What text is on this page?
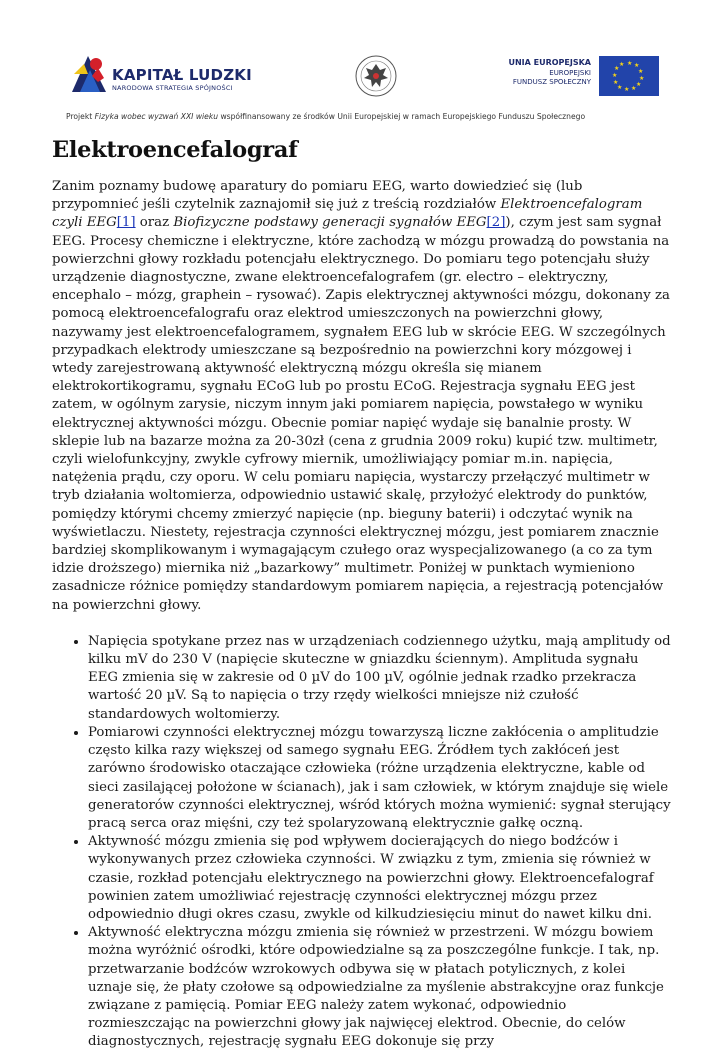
KAPITAŁ LUDZKI
NARODOWA STRATEGIA SPÓJNOŚCI
UNIA EUROPEJSKA
EUROPEJSKI
FUNDUSZ SPOŁECZNY
★ ★
★
★
★
★
★
★
★
★
★
★
Projekt Fizyka wobec wyzwań XXI wieku współfinansowany ze środków Unii Europejskiej w ramach Europejskiego Funduszu Społecznego
Elektroencefalograf

Zanim poznamy budowę aparatury do pomiaru EEG, warto dowiedzieć się (lub przypomnieć jeśli czytelnik zaznajomił się już z treścią rozdziałów Elektroencefalogram czyli EEG[1] oraz Biofizyczne podstawy generacji sygnałów EEG[2]), czym jest sam sygnał EEG. Procesy chemiczne i elektryczne, które zachodzą w mózgu prowadzą do powstania na powierzchni głowy rozkładu potencjału elektrycznego. Do pomiaru tego potencjału służy urządzenie diagnostyczne, zwane elektroencefalografem (gr. electro – elektryczny, encephalo – mózg, graphein – rysować). Zapis elektrycznej aktywności mózgu, dokonany za pomocą elektroencefalografu oraz elektrod umieszczonych na powierzchni głowy, nazywamy jest elektroencefalogramem, sygnałem EEG lub w skrócie EEG. W szczególnych przypadkach elektrody umieszczane są bezpośrednio na powierzchni kory mózgowej i wtedy zarejestrowaną aktywność elektryczną mózgu określa się mianem elektrokortikogramu, sygnału ECoG lub po prostu ECoG. Rejestracja sygnału EEG jest zatem, w ogólnym zarysie, niczym innym jaki pomiarem napięcia, powstałego w wyniku elektrycznej aktywności mózgu. Obecnie pomiar napięć wydaje się banalnie prosty. W sklepie lub na bazarze można za 20-30zł (cena z grudnia 2009 roku) kupić tzw. multimetr, czyli wielofunkcyjny, zwykle cyfrowy miernik, umożliwiający pomiar m.in. napięcia, natężenia prądu, czy oporu. W celu pomiaru napięcia, wystarczy przełączyć multimetr w tryb działania woltomierza, odpowiednio ustawić skalę, przyłożyć elektrody do punktów, pomiędzy którymi chcemy zmierzyć napięcie (np. bieguny baterii) i odczytać wynik na wyświetlaczu. Niestety, rejestracja czynności elektrycznej mózgu, jest pomiarem znacznie bardziej skomplikowanym i wymagającym czułego oraz wyspecjalizowanego (a co za tym idzie droższego) miernika niż „bazarkowy” multimetr. Poniżej w punktach wymieniono zasadnicze różnice pomiędzy standardowym pomiarem napięcia, a rejestracją potencjałów na powierzchni głowy.

• Napięcia spotykane przez nas w urządzeniach codziennego użytku, mają amplitudy od kilku mV do 230 V (napięcie skuteczne w gniazdku ściennym). Amplituda sygnału EEG zmienia się w zakresie od 0 µV do 100 µV, ogólnie jednak rzadko przekracza wartość 20 µV. Są to napięcia o trzy rzędy wielkości mniejsze niż czułość standardowych woltomierzy.
• Pomiarowi czynności elektrycznej mózgu towarzyszą liczne zakłócenia o amplitudzie często kilka razy większej od samego sygnału EEG. Źródłem tych zakłóceń jest zarówno środowisko otaczające człowieka (różne urządzenia elektryczne, kable od sieci zasilającej położone w ścianach), jak i sam człowiek, w którym znajduje się wiele generatorów czynności elektrycznej, wśród których można wymienić: sygnał sterujący pracą serca oraz mięśni, czy też spolaryzowaną elektrycznie gałkę oczną.
• Aktywność mózgu zmienia się pod wpływem docierających do niego bodźców i wykonywanych przez człowieka czynności. W związku z tym, zmienia się również w czasie, rozkład potencjału elektrycznego na powierzchni głowy. Elektroencefalograf powinien zatem umożliwiać rejestrację czynności elektrycznej mózgu przez odpowiednio długi okres czasu, zwykle od kilkudziesięciu minut do nawet kilku dni.
• Aktywność elektryczna mózgu zmienia się również w przestrzeni. W mózgu bowiem można wyróżnić ośrodki, które odpowiedzialne są za poszczególne funkcje. I tak, np. przetwarzanie bodźców wzrokowych odbywa się w płatach potylicznych, z kolei uznaje się, że płaty czołowe są odpowiedzialne za myślenie abstrakcyjne oraz funkcje związane z pamięcią. Pomiar EEG należy zatem wykonać, odpowiednio rozmieszczając na powierzchni głowy jak najwięcej elektrod. Obecnie, do celów diagnostycznych, rejestrację sygnału EEG dokonuje się przy
